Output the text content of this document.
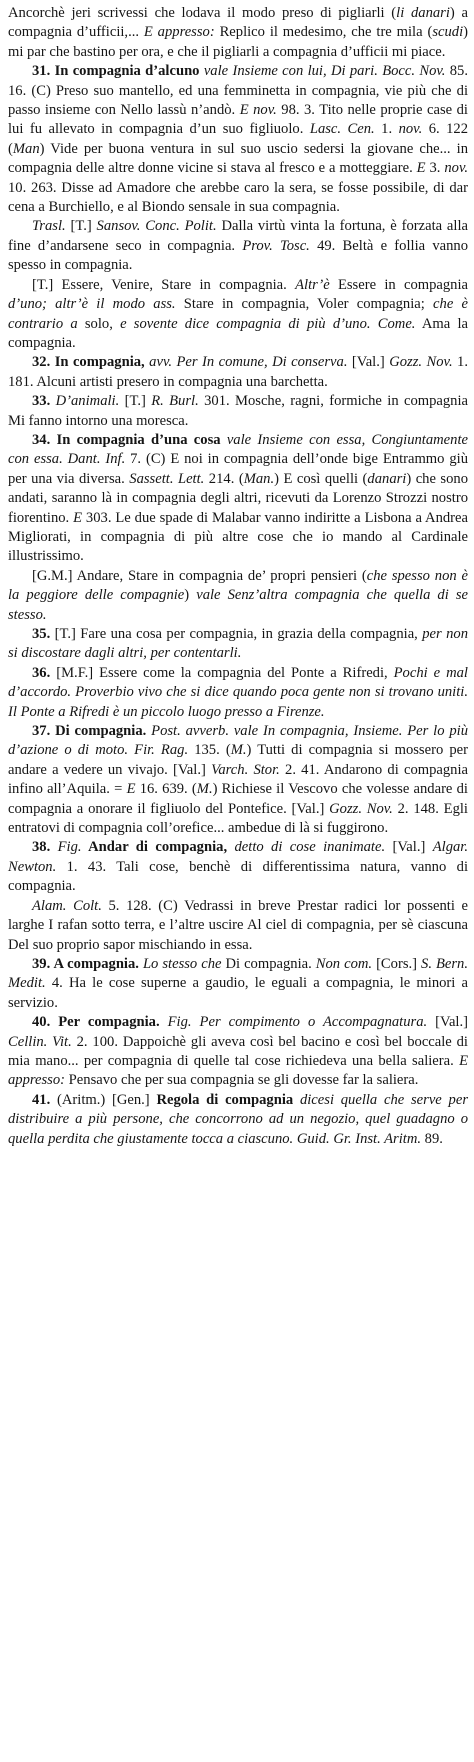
Ancorchè jeri scrivessi che lodava il modo preso di pigliarli (li danari) a compagnia d’ufficii,... E appresso: Replico il medesimo, che tre mila (scudi) mi par che bastino per ora, e che il pigliarli a compagnia d’ufficii mi piace.

31. In compagnia d’alcuno vale Insieme con lui, Di pari. Bocc. Nov. 85. 16. (C) Preso suo mantello, ed una femminetta in compagnia, vie più che di passo insieme con Nello lassù n’andò. E nov. 98. 3. Tito nelle proprie case di lui fu allevato in compagnia d’un suo figliuolo. Lasc. Cen. 1. nov. 6. 122 (Man) Vide per buona ventura in sul suo uscio sedersi la giovane che... in compagnia delle altre donne vicine si stava al fresco e a motteggiare. E 3. nov. 10. 263. Disse ad Amadore che arebbe caro la sera, se fosse possibile, di dar cena a Burchiello, e al Biondo sensale in sua compagnia.

Trasl. [T.] Sansov. Conc. Polit. Dalla virtù vinta la fortuna, è forzata alla fine d’andarsene seco in compagnia. Prov. Tosc. 49. Beltà e follia vanno spesso in compagnia.

[T.] Essere, Venire, Stare in compagnia. Altr’è Essere in compagnia d’uno; altr’è il modo ass. Stare in compagnia, Voler compagnia; che è contrario a solo, e sovente dice compagnia di più d’uno. Come. Ama la compagnia.

32. In compagnia, avv. Per In comune, Di conserva. [Val.] Gozz. Nov. 1. 181. Alcuni artisti presero in compagnia una barchetta.

33. D’animali. [T.] R. Burl. 301. Mosche, ragni, formiche in compagnia Mi fanno intorno una moresca.

34. In compagnia d’una cosa vale Insieme con essa, Congiuntamente con essa. Dant. Inf. 7. (C) E noi in compagnia dell’onde bige Entrammo giù per una via diversa. Sassett. Lett. 214. (Man.) E così quelli (danari) che sono andati, saranno là in compagnia degli altri, ricevuti da Lorenzo Strozzi nostro fiorentino. E 303. Le due spade di Malabar vanno indiritte a Lisbona a Andrea Migliorati, in compagnia di più altre cose che io mando al Cardinale illustrissimo.

[G.M.] Andare, Stare in compagnia de’ propri pensieri (che spesso non è la peggiore delle compagnie) vale Senz’altra compagnia che quella di se stesso.

35. [T.] Fare una cosa per compagnia, in grazia della compagnia, per non si discostare dagli altri, per contentarli.

36. [M.F.] Essere come la compagnia del Ponte a Rifredi, Pochi e mal d’accordo. Proverbio vivo che si dice quando poca gente non si trovano uniti. Il Ponte a Rifredi è un piccolo luogo presso a Firenze.

37. Di compagnia. Post. avverb. vale In compagnia, Insieme. Per lo più d’azione o di moto. Fir. Rag. 135. (M.) Tutti di compagnia si mossero per andare a vedere un vivajo. [Val.] Varch. Stor. 2. 41. Andarono di compagnia infino all’Aquila. = E 16. 639. (M.) Richiese il Vescovo che volesse andare di compagnia a onorare il figliuolo del Pontefice. [Val.] Gozz. Nov. 2. 148. Egli entratovi di compagnia coll’orefice... ambedue di là si fuggirono.

38. Fig. Andar di compagnia, detto di cose inanimate. [Val.] Algar. Newton. 1. 43. Tali cose, benchè di differentissima natura, vanno di compagnia.

Alam. Colt. 5. 128. (C) Vedrassi in breve Prestar radici lor possenti e larghe I rafan sotto terra, e l’altre uscire Al ciel di compagnia, per sè ciascuna Del suo proprio sapor mischiando in essa.

39. A compagnia. Lo stesso che Di compagnia. Non com. [Cors.] S. Bern. Medit. 4. Ha le cose superne a gaudio, le eguali a compagnia, le minori a servizio.

40. Per compagnia. Fig. Per compimento o Accompagnatura. [Val.] Cellin. Vit. 2. 100. Dappoichè gli aveva così bel bacino e così bel boccale di mia mano... per compagnia di quelle tal cose richiedeva una bella saliera. E appresso: Pensavo che per sua compagnia se gli dovesse far la saliera.

41. (Aritm.) [Gen.] Regola di compagnia dicesi quella che serve per distribuire a più persone, che concorrono ad un negozio, quel guadagno o quella perdita che giustamente tocca a ciascuno. Guid. Gr. Inst. Aritm. 89.
